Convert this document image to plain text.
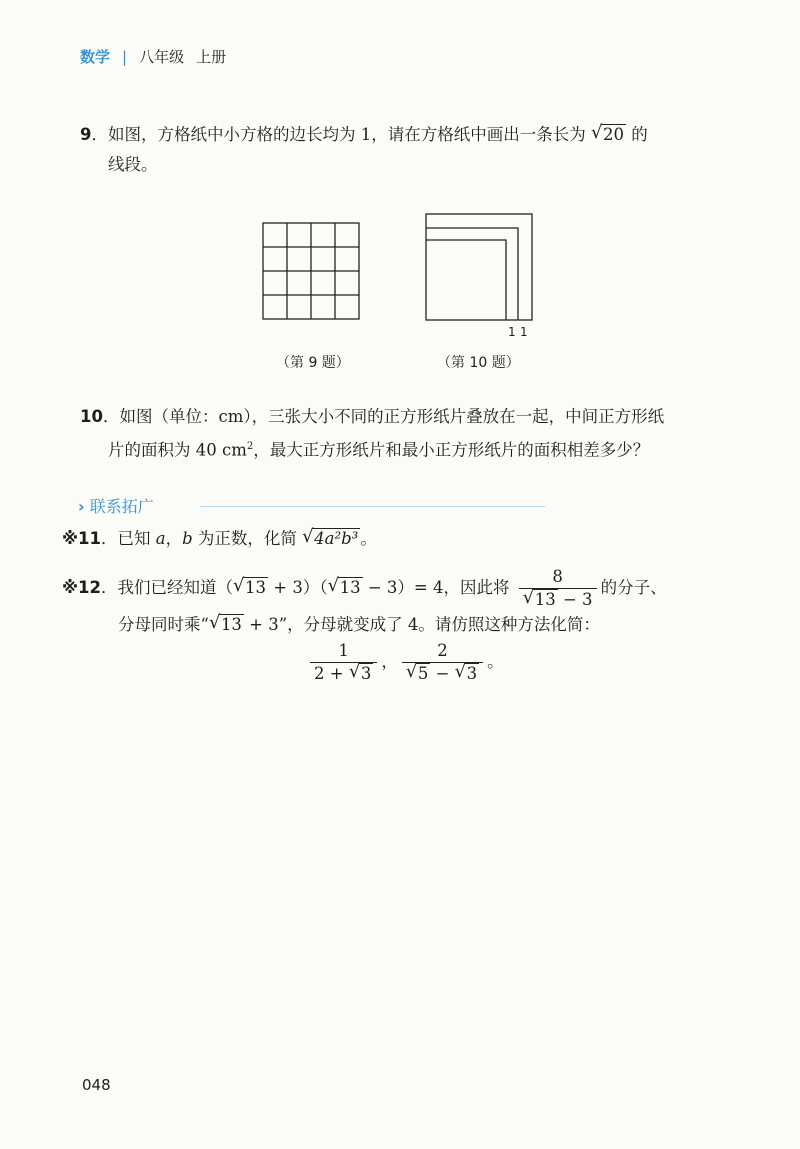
数学 | 八年级 上册
9．如图，方格纸中小方格的边长均为 1，请在方格纸中画出一条长为 √ 20 的
线段。
（第 9 题）
1 1
（第 10 题）
10．如图（单位：cm），三张大小不同的正方形纸片叠放在一起，中间正方形纸
片的面积为 40 $cm^2$，最大正方形纸片和最小正方形纸片的面积相差多少？
› 联系拓广
※11．已知 a，b 为正数，化简 √ 4a²b³ 。
※12．我们已经知道（ √ 13 + 3）（ √ 13 − 3）= 4，因此将 $\frac{8}{√ 13 - 3}$ 的分子、
分母同时乘“ √ 13 + 3”，分母就变成了 4。请仿照这种方法化简：
$\frac{1}{2 + √ 3}$ ， $\frac{2}{√ 5 - √ 3}$ 。
048
